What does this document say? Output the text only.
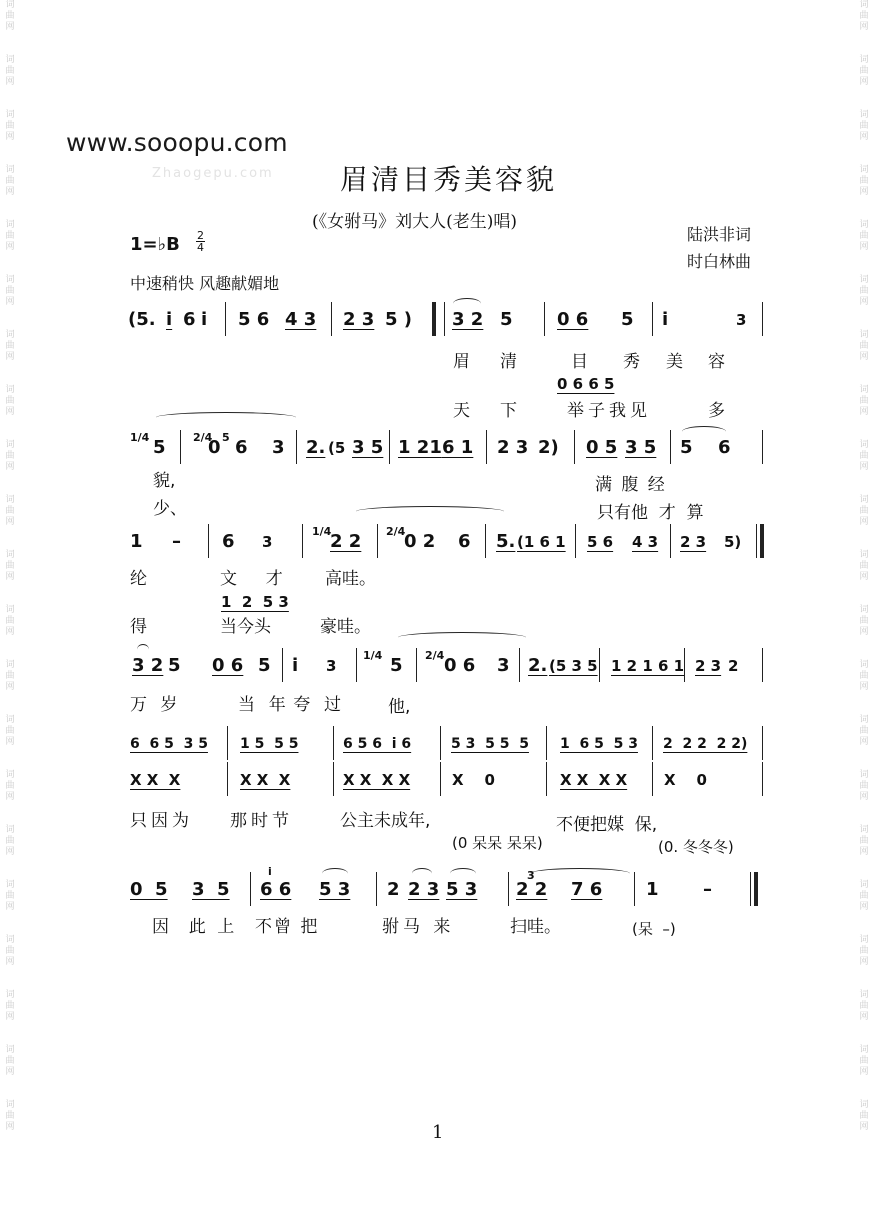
词
曲
网

词
曲
网

词
曲
网

词
曲
网

词
曲
网

词
曲
网

词
曲
网

词
曲
网

词
曲
网

词
曲
网

词
曲
网

词
曲
网

词
曲
网

词
曲
网

词
曲
网

词
曲
网

词
曲
网

词
曲
网

词
曲
网

词
曲
网

词
曲
网
词
曲
网

词
曲
网

词
曲
网

词
曲
网

词
曲
网

词
曲
网

词
曲
网

词
曲
网

词
曲
网

词
曲
网

词
曲
网

词
曲
网

词
曲
网

词
曲
网

词
曲
网

词
曲
网

词
曲
网

词
曲
网

词
曲
网

词
曲
网

词
曲
网
www.sooopu.com
Zhaogepu.com 眉清目秀美容貌
(《女驸马》刘大人(老生)唱)
陆洪非词
时白林曲
1=♭B 2
4
中速稍快 风趣献媚地
(5. i 6 i 5 6 4 3 2 3 5 ) 3 2 5 0 6 5 i	3
眉 清	目 秀 美 容
0 6 6 5
天 下	举子我见	多
1/4 5 2/4
0 5 6 3 2. (5 3 5 1 21 6 1 2 3 2) 0 5 3 5 5 6
貌,	满 腹 经
少、	只有他  才  算
1 – 6 3
1/4
2 2 2/4
0 2 6 5. (1 6 1 5 6 4 3 2 3 5)
纶	文  才 高哇。
1  2  5 3
得	当今头	豪哇。
3 2 5 0 6 5 i 3
1/4 5 2/4 0 6 3 2. (5 3 5 1 2 1 6 1 2 3 2
万 岁	当  年 夸  过	他,
6  6 5  3 5 1 5  5 5	6 5 6  i 6	5 3  5 5  5 1  6 5  5 3 2  2 2  2 2)
X X  X	X X  X	X X  X X	X    0	X X  X X X    0
只因为 那时节	公主未成年,	不便把媒  保,
(0 呆呆 呆呆)	(0. 冬冬冬)
0  5 3  5
i
6 6 5 3 2 2 3 5 3
3
2 2 7 6 1 –
因  此 上 不曾 把	驸马 来	扫哇。	(呆  –)
1
